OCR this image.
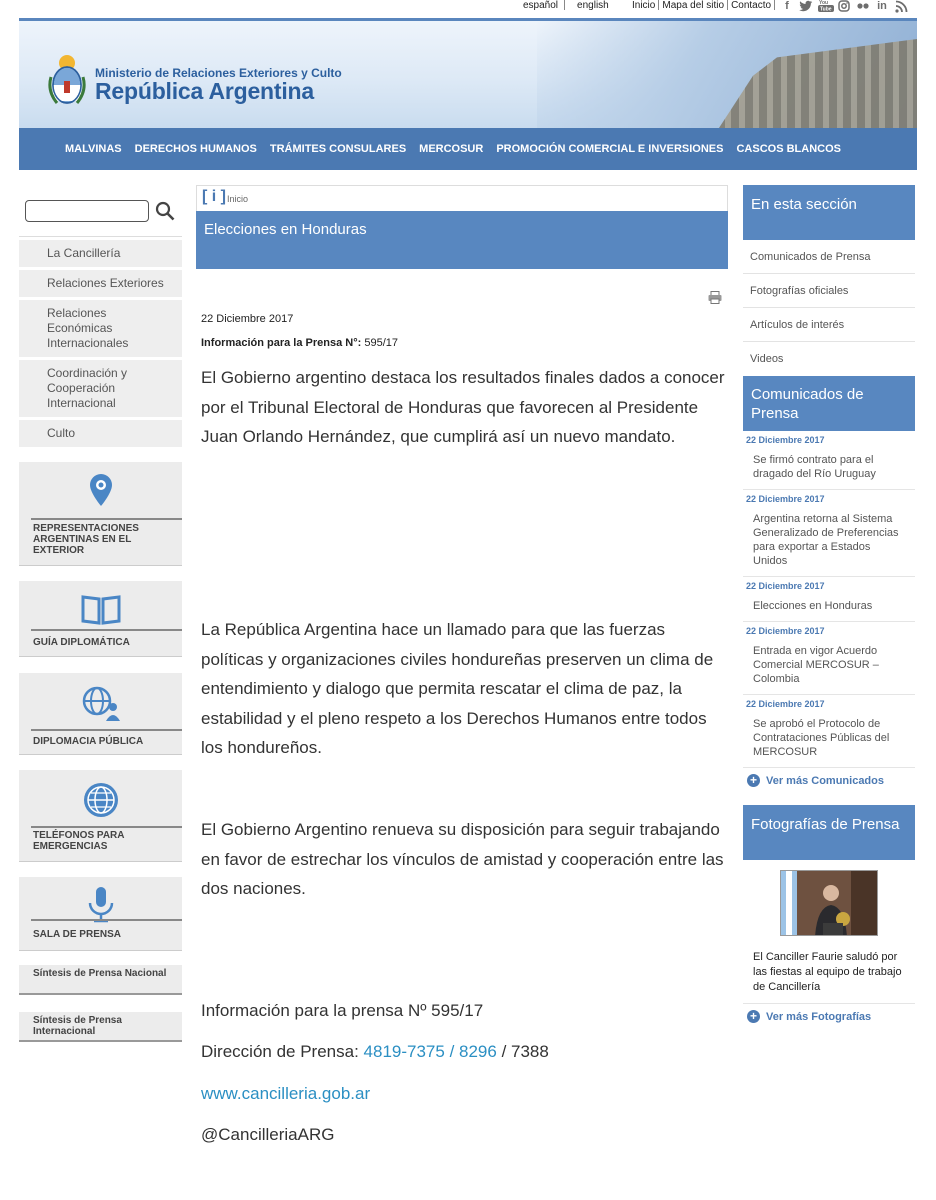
español english	Inicio Mapa del sitio Contacto	f	You
Tube	in
Ministerio de Relaciones Exteriores y Culto
República Argentina
MALVINAS DERECHOS HUMANOS TRÁMITES CONSULARES MERCOSUR PROMOCIÓN COMERCIAL E INVERSIONES CASCOS BLANCOS
La Cancillería
Relaciones Exteriores
Relaciones Económicas Internacionales
Coordinación y Cooperación Internacional
Culto
REPRESENTACIONES ARGENTINAS EN EL EXTERIOR
GUÍA DIPLOMÁTICA
DIPLOMACIA PÚBLICA
TELÉFONOS PARA EMERGENCIAS
SALA DE PRENSA
Síntesis de Prensa Nacional
Síntesis de Prensa Internacional
[ i ] Inicio
Elecciones en Honduras
22 Diciembre 2017
Información para la Prensa N°: 595/17
El Gobierno argentino destaca los resultados finales dados a conocer por el Tribunal Electoral de Honduras que favorecen al Presidente Juan Orlando Hernández, que cumplirá así un nuevo mandato.
La República Argentina hace un llamado para que las fuerzas políticas y organizaciones civiles hondureñas preserven un clima de entendimiento y dialogo que permita rescatar el clima de paz, la estabilidad y el pleno respeto a los Derechos Humanos entre todos los hondureños.
El Gobierno Argentino renueva su disposición para seguir trabajando en favor de estrechar los vínculos de amistad y cooperación entre las dos naciones.
Información para la prensa Nº 595/17
Dirección de Prensa: 4819-7375 / 8296 / 7388
www.cancilleria.gob.ar
@CancilleriaARG
En esta sección
Comunicados de Prensa
Fotografías oficiales
Artículos de interés
Videos
Comunicados de Prensa
22 Diciembre 2017
Se firmó contrato para el dragado del Río Uruguay
22 Diciembre 2017
Argentina retorna al Sistema Generalizado de Preferencias para exportar a Estados Unidos
22 Diciembre 2017
Elecciones en Honduras
22 Diciembre 2017
Entrada en vigor Acuerdo Comercial MERCOSUR – Colombia
22 Diciembre 2017
Se aprobó el Protocolo de Contrataciones Públicas del MERCOSUR
+ Ver más Comunicados
Fotografías de Prensa
El Canciller Faurie saludó por las fiestas al equipo de trabajo de Cancillería
+ Ver más Fotografías
